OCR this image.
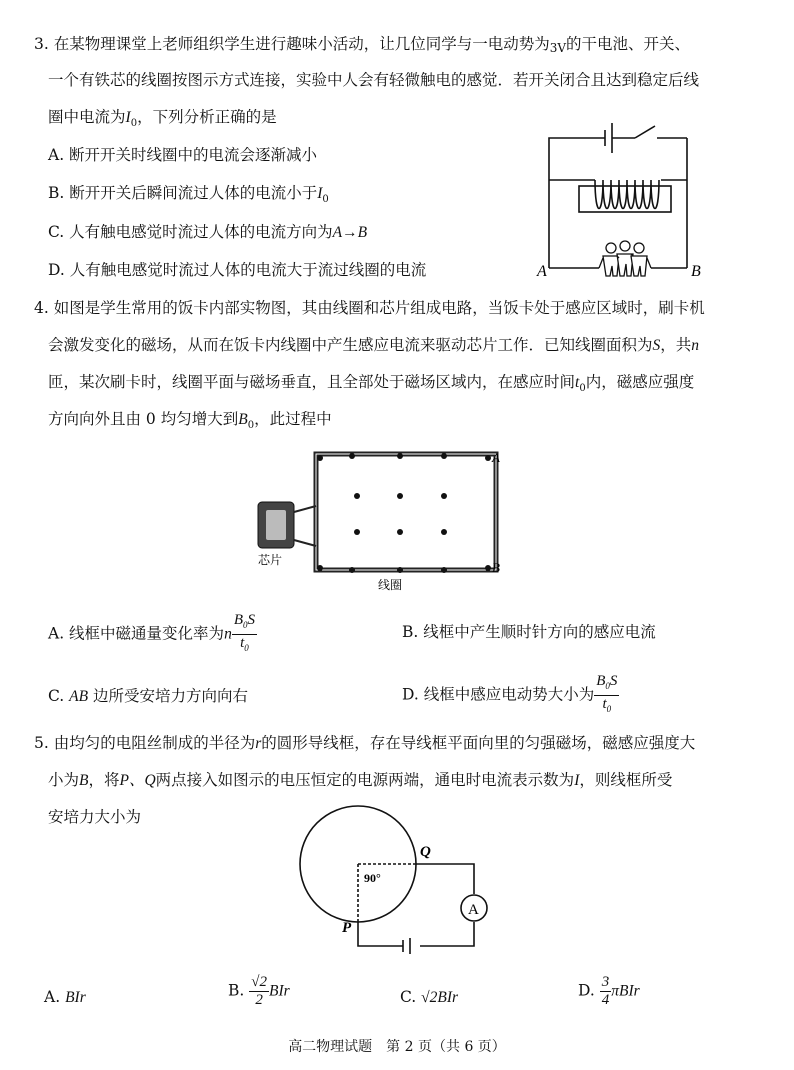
3. 在某物理课堂上老师组织学生进行趣味小活动，让几位同学与一电动势为3V的干电池、开关、
一个有铁芯的线圈按图示方式连接，实验中人会有轻微触电的感觉．若开关闭合且达到稳定后线
圈中电流为$I_0$，下列分析正确的是
A. 断开开关时线圈中的电流会逐渐减小
B. 断开开关后瞬间流过人体的电流小于$I_0$
C. 人有触电感觉时流过人体的电流方向为A→B
D. 人有触电感觉时流过人体的电流大于流过线圈的电流	A	B
4. 如图是学生常用的饭卡内部实物图，其由线圈和芯片组成电路，当饭卡处于感应区域时，刷卡机
会激发变化的磁场，从而在饭卡内线圈中产生感应电流来驱动芯片工作．已知线圈面积为S，共n
匝，某次刷卡时，线圈平面与磁场垂直，且全部处于磁场区域内，在感应时间$t_0$内，磁感应强度
方向向外且由 0 均匀增大到$B_0$，此过程中
A
B
芯片
线圈
A. 线框中磁通量变化率为n $\frac{B_0S}{t_0}$	B. 线框中产生顺时针方向的感应电流
C. AB 边所受安培力方向向右	D. 线框中感应电动势大小为 $\frac{B_0S}{t_0}$
5. 由均匀的电阻丝制成的半径为r的圆形导线框，存在导线框平面向里的匀强磁场，磁感应强度大
小为B，将P、Q两点接入如图示的电压恒定的电源两端，通电时电流表示数为I，则线框所受
安培力大小为
A
90°
Q
P
A. BIr	B. $\frac{√2}{2}$ BIr	C. √2BIr	D. $\frac{3}{4}$ πBIr
高二物理试题　第 2 页（共 6 页）
